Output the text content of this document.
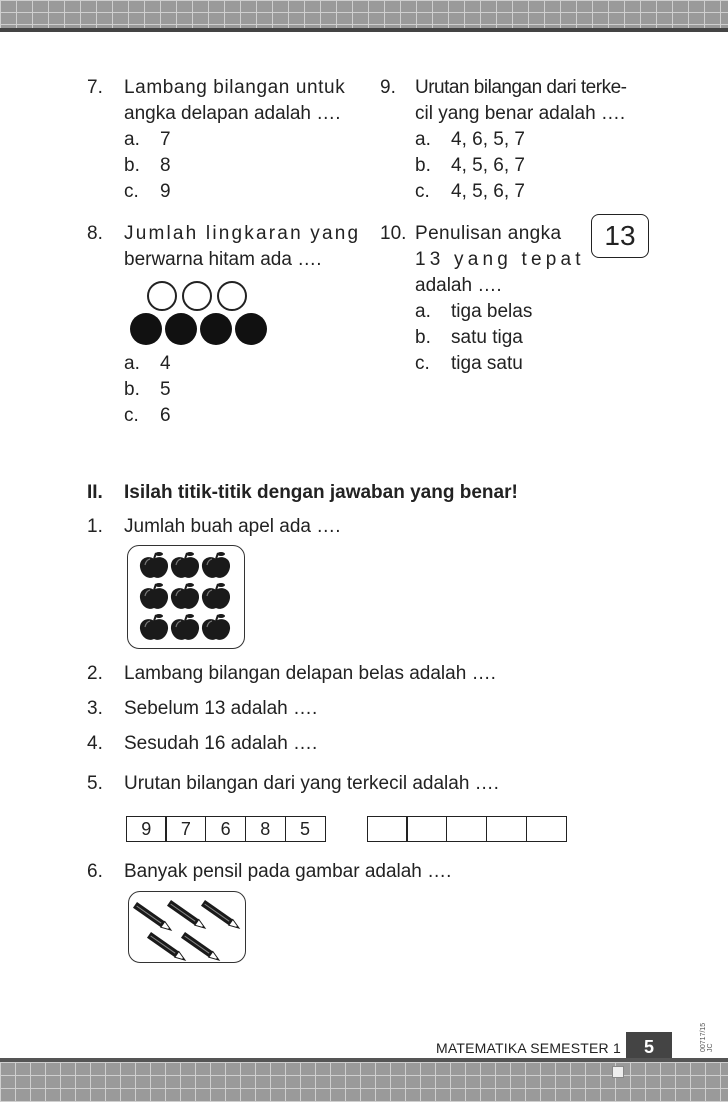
7. Lambang bilangan untuk
angka delapan adalah ….
a. 7
b. 8
c. 9
9. Urutan bilangan dari terke-
cil yang benar adalah ….
a. 4, 6, 5, 7
b. 4, 5, 6, 7
c. 4, 5, 6, 7
8. Jumlah lingkaran yang
berwarna hitam ada ….
a. 4
b. 5
c. 6
10. Penulisan angka
13 yang tepat
adalah ….
13
a. tiga belas
b. satu tiga
c. tiga satu
II. Isilah titik-titik dengan jawaban yang benar!
1. Jumlah buah apel ada ….
2. Lambang bilangan delapan belas adalah ….
3. Sebelum 13 adalah ….
4. Sesudah 16 adalah ….
5. Urutan bilangan dari yang terkecil adalah ….
9	7	6	8	5
6. Banyak pensil pada gambar adalah ….
MATEMATIKA SEMESTER 1	5	00717/15 JC
